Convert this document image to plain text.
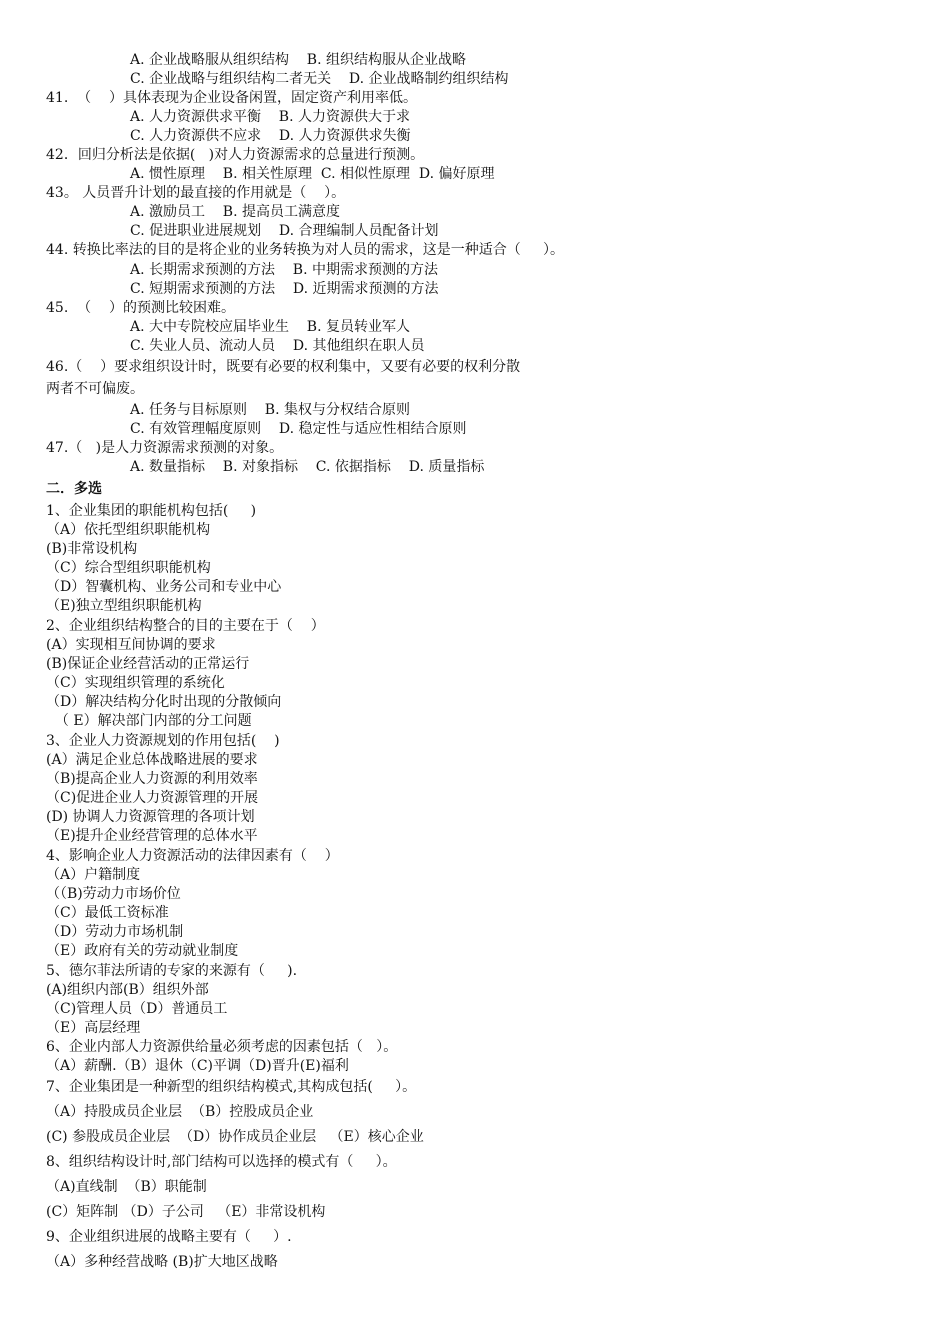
A. 企业战略服从组织结构    B. 组织结构服从企业战略
C. 企业战略与组织结构二者无关    D. 企业战略制约组织结构
41.  （    ）具体表现为企业设备闲置，固定资产利用率低。
A. 人力资源供求平衡    B. 人力资源供大于求
C. 人力资源供不应求    D. 人力资源供求失衡
42．回归分析法是依据(   )对人力资源需求的总量进行预测。
A. 惯性原理    B. 相关性原理  C. 相似性原理  D. 偏好原理
43。 人员晋升计划的最直接的作用就是（    ）。
A. 激励员工    B. 提高员工满意度
C. 促进职业进展规划    D. 合理编制人员配备计划
44. 转换比率法的目的是将企业的业务转换为对人员的需求，这是一种适合（     ）。
A. 长期需求预测的方法    B. 中期需求预测的方法
C. 短期需求预测的方法    D. 近期需求预测的方法
45.  （    ）的预测比较困难。
A. 大中专院校应届毕业生    B. 复员转业军人
C. 失业人员、流动人员    D. 其他组织在职人员
46.（    ）要求组织设计时，既要有必要的权利集中，又要有必要的权利分散
两者不可偏废。
A. 任务与目标原则    B. 集权与分权结合原则
C. 有效管理幅度原则    D. 稳定性与适应性相结合原则
47.（   )是人力资源需求预测的对象。
A. 数量指标    B. 对象指标    C. 依据指标    D. 质量指标
二．多选
1、企业集团的职能机构包括(     )
（A）依托型组织职能机构
(B)非常设机构
（C）综合型组织职能机构
（D）智囊机构、业务公司和专业中心
（E)独立型组织职能机构
2、企业组织结构整合的目的主要在于（    ）
(A）实现相互间协调的要求
(B)保证企业经营活动的正常运行
（C）实现组织管理的系统化
（D）解决结构分化时出现的分散倾向
（ E）解决部门内部的分工问题
3、企业人力资源规划的作用包括(    )
(A）满足企业总体战略进展的要求
（B)提高企业人力资源的利用效率
（C)促进企业人力资源管理的开展
(D) 协调人力资源管理的各项计划
（E)提升企业经营管理的总体水平
4、影响企业人力资源活动的法律因素有（    ）
（A）户籍制度
（（B)劳动力市场价位
（C）最低工资标准
（D）劳动力市场机制
（E）政府有关的劳动就业制度
5、德尔菲法所请的专家的来源有（     ).
(A)组织内部(B）组织外部
（C)管理人员（D）普通员工
（E）高层经理
6、企业内部人力资源供给量必须考虑的因素包括（   ）。
（A）薪酬.（B）退休（C)平调（D)晋升(E)福利
7、企业集团是一种新型的组织结构模式,其构成包括(     ）。
（A）持股成员企业层  （B）控股成员企业
(C) 参股成员企业层  （D）协作成员企业层   （E）核心企业
8、组织结构设计时,部门结构可以选择的模式有（     ）。
（A)直线制  （B）职能制
(C）矩阵制 （D）子公司   （E）非常设机构
9、企业组织进展的战略主要有（     ）.
（A）多种经营战略 (B)扩大地区战略
